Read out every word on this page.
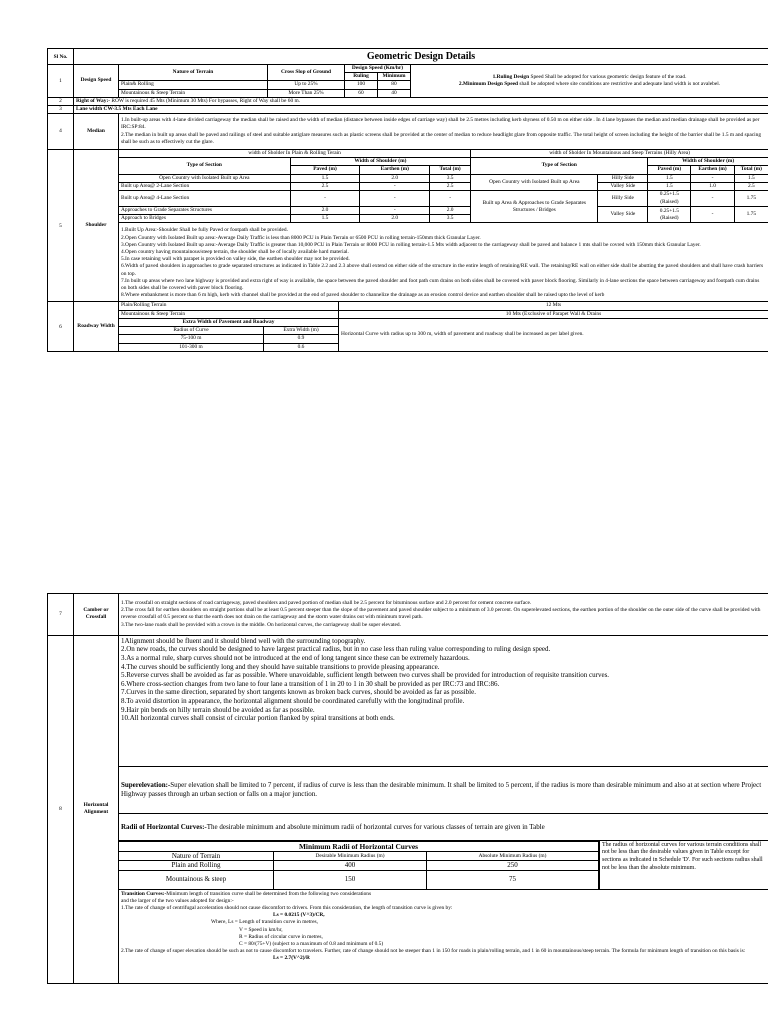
Sl No.	Geometric Design Details
1	Design Speed	
Nature of Terrain	Cross Slop of Ground	Design Speed (Km/hr)	
1.Ruling Design Speed Shall be adopted for various geometric design feature of the road.
2.Minimum Design Speed shall be adopted where site conditions are restrictive and adequate land width is not avalebel.

Ruling	Minimum
Plain& Rolling	Up to 25%	100	80
Mountainous & Steep Terrain	More Than 25%	60	40

2	Right of Way:- ROW is required 45 Mts (Minimum 30 Mts) For bypasses, Right of Way shall be 60 m.
3	Lane width CW-3.5 Mts Each Lane
4	Median	
1.In built-up areas with 4-lane divided carriageway the median shall be raised and the width of median (distance between inside edges of carriage way) shall be 2.5 metres including kerb shyness of 0.50 m on either side . In 4 lane bypasses the median and median drainage shall be provided as per IRC:SP:84.
2.The median in built up areas shall be paved and railings of steel and suitable antiglare measures such as plastic screens shall be provided at the center of median to reduce headlight glare from opposite traffic. The total height of screen including the height of the barrier shall be 1.5 m and spacing shall be such as to effectively cut the glare.

5	Shoulder	
width of Sholder In Plain & Rolling Terain	width of Sholder In Mountainous and Steep Terrains (Hilly Area)
Type of Section	Width of Shoulder (m)	Type of Section	Width of Shoulder (m)
Paved (m)	Earthen (m)	Total (m)	Paved (m)	Earthen (m)	Total (m)
Open Country with Isolated Built up Area	1.5	2.0	3.5	Open Country with Isolated Built up Area	Hilly Side	1.5	-	1.5
Built up Area@ 2-Lane Section	2.5	-	2.5	Valley Side	1.5	1.0	2.5
Built up Area@ 4-Lane Section	-	-	-	Built up Area & Approaches to Grade Separates Structures / Bridges	Hilly Side	0.25+1.5 (Raised)	-	1.75
Approaches to Grade Separates Structures	2.0	-	2.0	Valley Side	0.25+1.5 (Raised)	-	1.75
Approach to Bridges	1.5	2.0	3.5

1.Built Up Area:-Shoulder Shall be fully Paved or footpath shall be provided.
2.Open Country with Isolated Built up area:-Average Daily Traffic is less than 8000 PCU in Plain Terrain or 6500 PCU in rolling terrain-150mm thick Granular Layer.
3.Open Country with Isolated Built up area:-Average Daily Traffic is greater than 10,000 PCU in Plain Terrain or 8000 PCU in rolling terrain-1.5 Mts width adjacent to the carriageway shall be paved and balance 1 mts shall be covred with 150mm thick Granular Layer.
4.Open country having mountainous/steep terrain, the shoulder shall be of locally available hard material.
5.In case retaining wall with parapet is provided on valley side, the earthen shoulder may not be provided.
6.Width of paved shoulders in approaches to grade separated structures as indicated in Table 2.2 and 2.3 above shall extend on either side of the structure in the entire length of retaining/RE wall. The retaining/RE wall on either side shall be abutting the paved shoulders and shall have crash barriers on top.
7.In built up areas where two lane highway is provided and extra right of way is available, the space between the paved shoulder and foot path cum drains on both sides shall be covered with paver block flooring. Similarly in 4-lane sections the space between carriageway and footpath cum drains on both sides shall be covered with paver block flooring.
8.Where embankment is more than 6 m high, kerb with channel shall be provided at the end of paved shoulder to channelize the drainage as an erosion control device and earthen shoulder shall be raised upto the level of kerb

6	Roadway Width	
Plain/Rolling Terrain	12 Mts
Mountainous & Steep Terrain	10 Mts (Exclusive of Parapet Wall & Drains
Extra Width of Pavement and Roadway	Horizontal Curve with radius up to 300 m, width of pavement and roadway shall be increased as per label given.
Radius of Curve	Extra Width (m)
75-100 m	0.9
101-300 m	0.6
7	Camber or Crossfall	
1.The crossfall on straight sections of road carriageway, paved shoulders and paved portion of median shall be 2.5 percent for bituminous surface and 2.0 percent for cement concrete surface.
2.The cross fall for earthen shoulders on straight portions shall be at least 0.5 percent steeper than the slope of the pavement and paved shoulder subject to a minimum of 3.0 percent. On superelevated sections, the earthen portion of the shoulder on the outer side of the curve shall be provided with reverse crossfall of 0.5 percent so that the earth does not drain on the carriageway and the storm water drains out with minimum travel path.
3.The two-lane roads shall be provided with a crown in the middle. On horizontal curves, the carriageway shall be super elevated.

8	Horizontal Alignment	
1Alignment should be fluent and it should blend well with the surrounding topography.
2.On new roads, the curves should be designed to have largest practical radius, but in no case less than ruling value corresponding to ruling design speed.
3.As a normal rule, sharp curves should not be introduced at the end of long tangent since these can be extremely hazardous.
4.The curves should be sufficiently long and they should have suitable transitions to provide pleasing appearance.
5.Reverse curves shall be avoided as far as possible. Where unavoidable, sufficient length between two curves shall be provided for introduction of requisite transition curves.
6.Where cross-section changes from two lane to four lane a transition of 1 in 20 to 1 in 30 shall be provided as per IRC:73 and IRC:86.
7.Curves in the same direction, separated by short tangents known as broken back curves, should be avoided as far as possible.
8.To avoid distortion in appearance, the horizontal alignment should be coordinated carefully with the longitudinal profile.
9.Hair pin bends on hilly terrain should be avoided as far as possible.
10.All horizontal curves shall consist of circular portion flanked by spiral transitions at both ends.

Superelevation:-Super elevation shall be limited to 7 percent, if radius of curve is less than the desirable minimum. It shall be limited to 5 percent, if the radius is more than desirable minimum and also at at section where Project Highway passes through an urban section or falls on a major junction.
Radii of Horizontal Curves:-The desirable minimum and absolute minimum radii of horizontal curves for various classes of terrain are given in Table

Minimum Radii of Horizontal Curves
Nature of Terrain	Desirable Minimum Radius (m)	Absolute Minimum Radius (m)
Plain and Rolling	400	250
Mountainous & steep	150	75
	The radius of horizontal curves for various terrain conditions shall not be less than the desirable values given in Table except for sections as indicated in Schedule 'D'. For such sections radius shall not be less than the absolute minimum.

Transition Curves:-Minimum length of transition curve shall be determined from the following two considerations
and the larger of the two values adopted for design:-
1.The rate of change of centrifugal acceleration should not cause discomfort to drivers. From this consideration, the length of transition curve is given by:
Ls = 0.0215 (V^3)/CR,
Where, Ls = Length of transition curve in metres,
V = Speed in km/hr,
R = Radius of circular curve in metres,
C = 80/(75+V) (subject to a maximum of 0.8 and minimum of 0.5)
2.The rate of change of super elevation should be such as not to cause discomfort to travelers. Further, rate of change should not be steeper than 1 in 150 for roads in plain/rolling terrain, and 1 in 60 in mountainous/steep terrain. The formula for minimum length of transition on this basis is:
Ls = 2.7(V^2)/R
